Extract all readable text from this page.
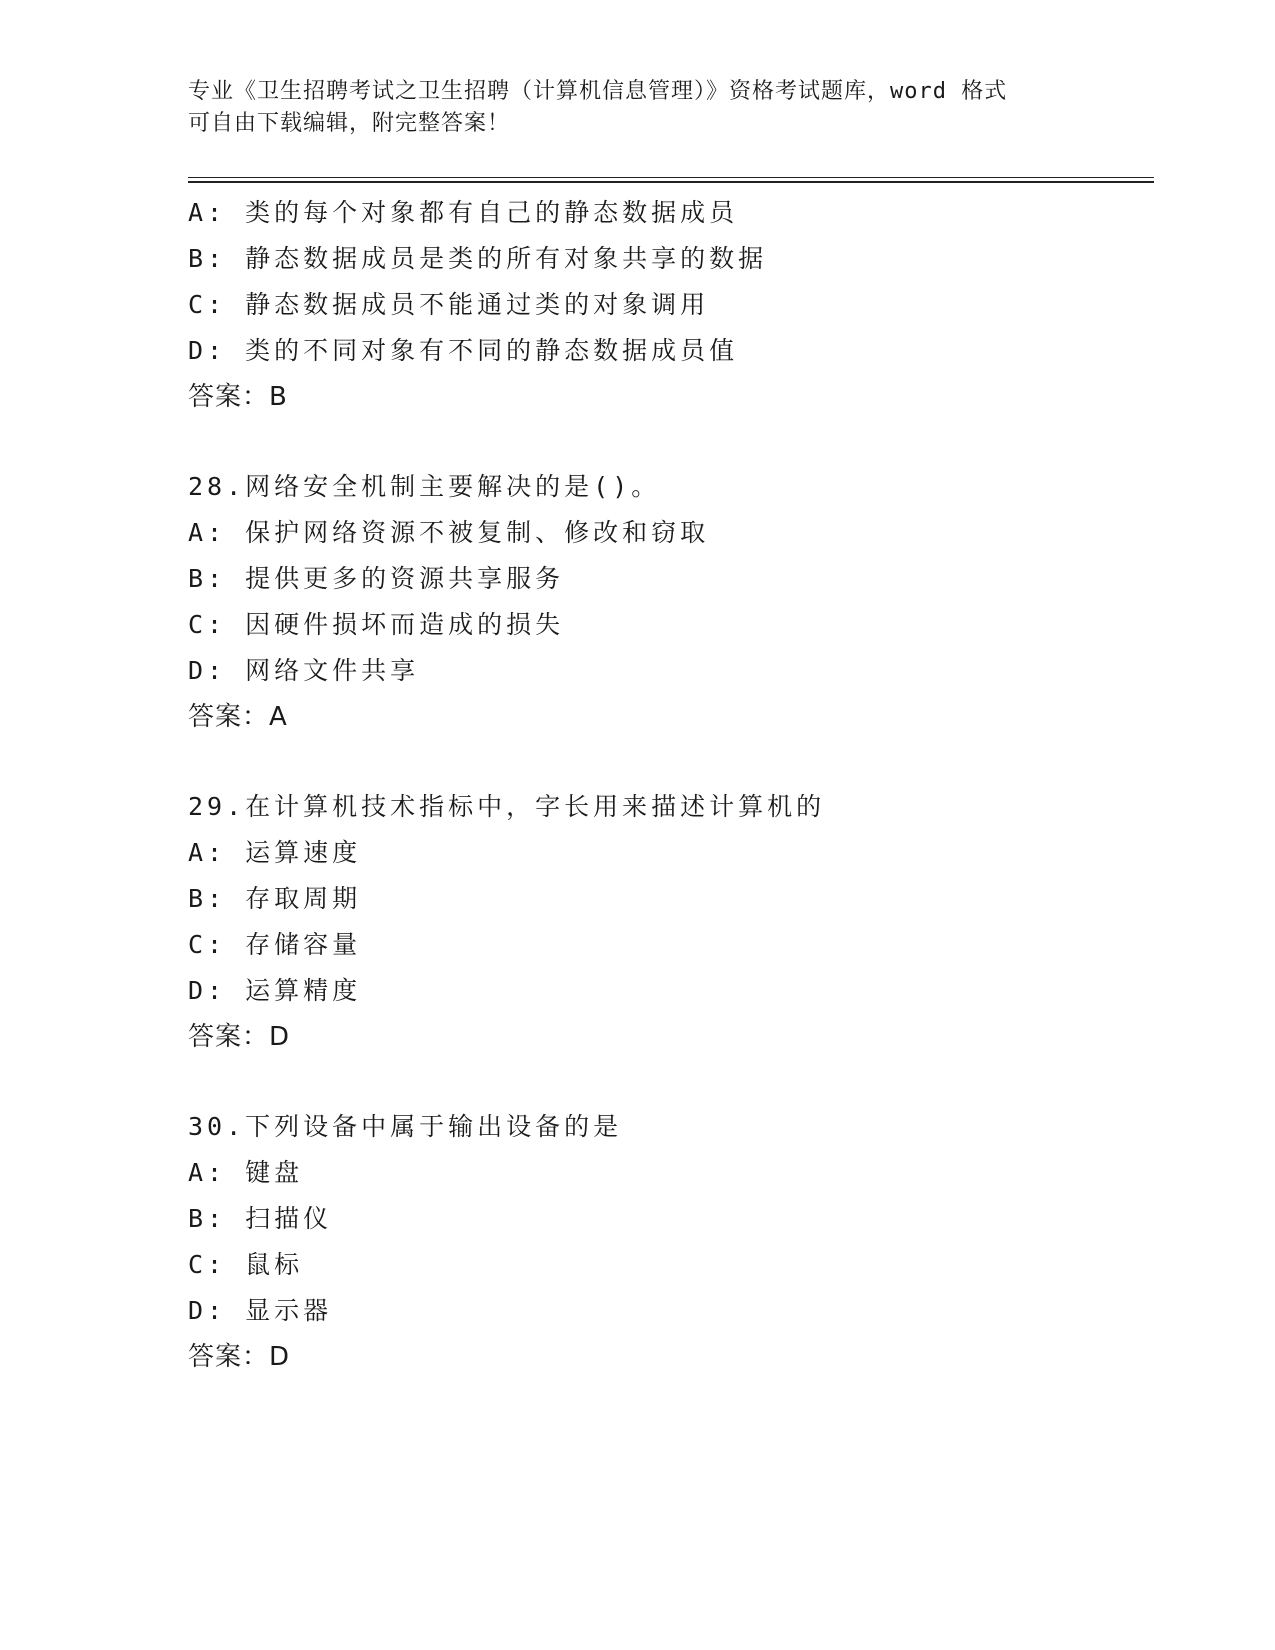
专业《卫生招聘考试之卫生招聘（计算机信息管理）》资格考试题库，word 格式
可自由下载编辑，附完整答案！
A: 类的每个对象都有自己的静态数据成员
B: 静态数据成员是类的所有对象共享的数据
C: 静态数据成员不能通过类的对象调用
D: 类的不同对象有不同的静态数据成员值
答案：B
28.网络安全机制主要解决的是()。
A: 保护网络资源不被复制、修改和窃取
B: 提供更多的资源共享服务
C: 因硬件损坏而造成的损失
D: 网络文件共享
答案：A
29.在计算机技术指标中，字长用来描述计算机的
A: 运算速度
B: 存取周期
C: 存储容量
D: 运算精度
答案：D
30.下列设备中属于输出设备的是
A: 键盘
B: 扫描仪
C: 鼠标
D: 显示器
答案：D
